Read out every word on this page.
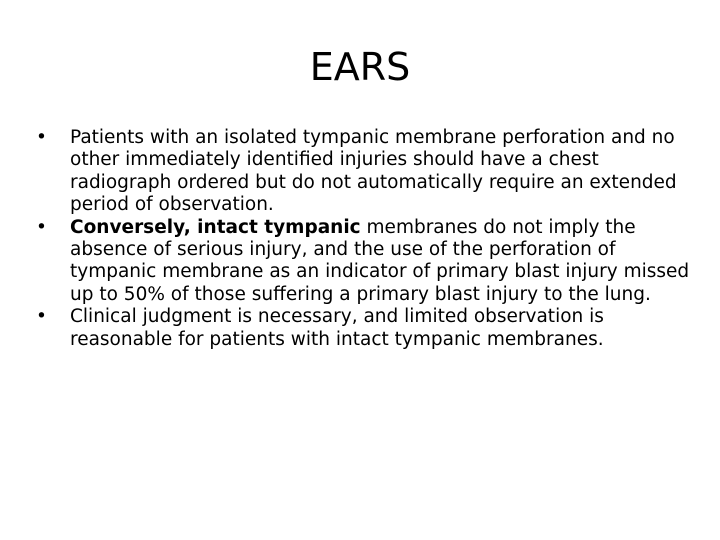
EARS
•	Patients with an isolated tympanic membrane perforation and no other immediately identified injuries should have a chest radiograph ordered but do not automatically require an extended period of observation.
•	Conversely, intact tympanic membranes do not imply the absence of serious injury, and the use of the perforation of tympanic membrane as an indicator of primary blast injury missed up to 50% of those suffering a primary blast injury to the lung.
•	Clinical judgment is necessary, and limited observation is reasonable for patients with intact tympanic membranes.
